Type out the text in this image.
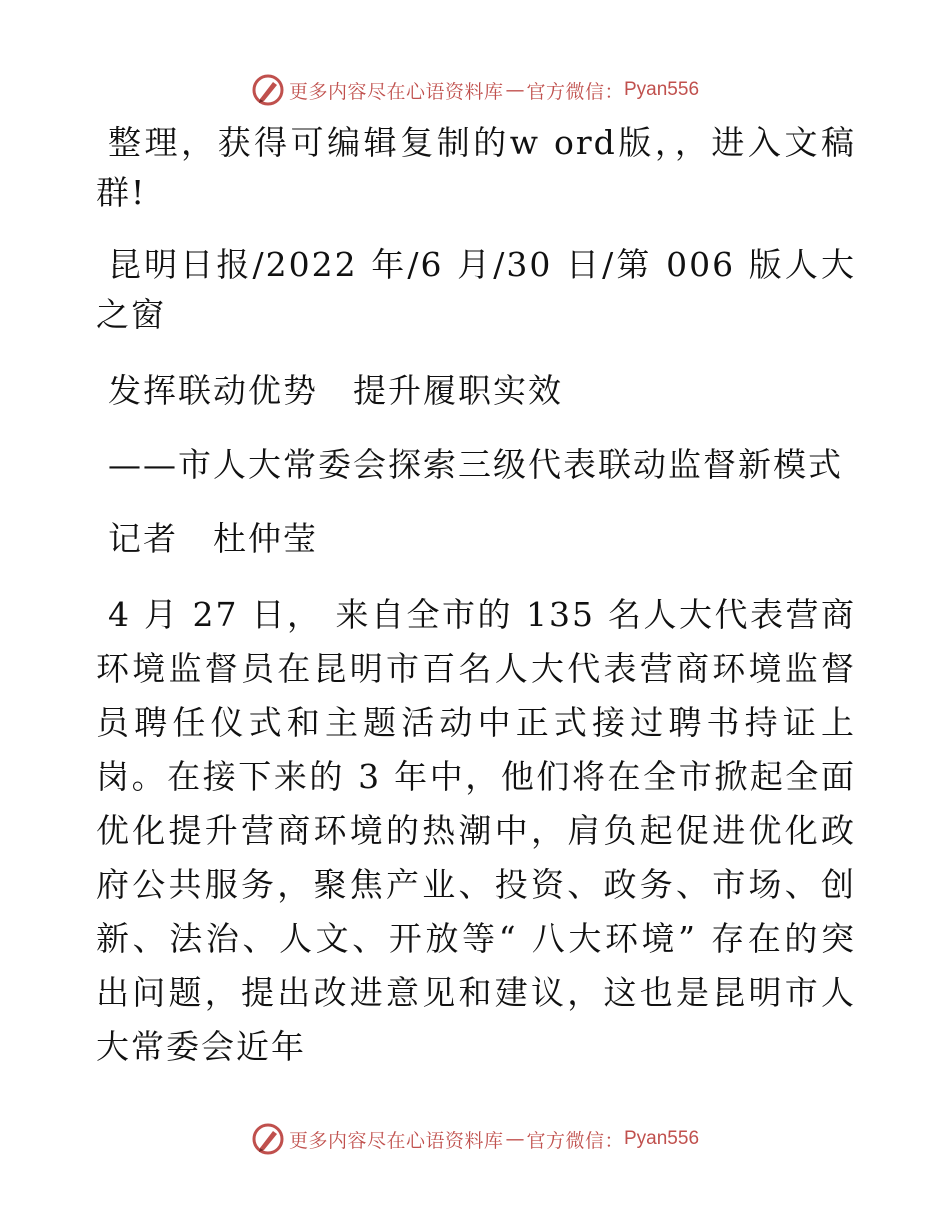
更多内容尽在心语资料库 — 官方微信： Pyan556

整理，获得可编辑复制的w ord版，，进入文稿群!

昆明日报/2022 年/6 月/30 日/第 006 版人大之窗

发挥联动优势　提升履职实效

——市人大常委会探索三级代表联动监督新模式

记者　杜仲莹

4 月 27 日， 来自全市的 135 名人大代表营商环境监督员在昆明市百名人大代表营商环境监督员聘任仪式和主题活动中正式接过聘书持证上岗。在接下来的 3 年中，他们将在全市掀起全面优化提升营商环境的热潮中，肩负起促进优化政府公共服务，聚焦产业、投资、政务、市场、创新、法治、人文、开放等“ 八大环境” 存在的突出问题，提出改进意见和建议，这也是昆明市人大常委会近年

更多内容尽在心语资料库 — 官方微信： Pyan556
